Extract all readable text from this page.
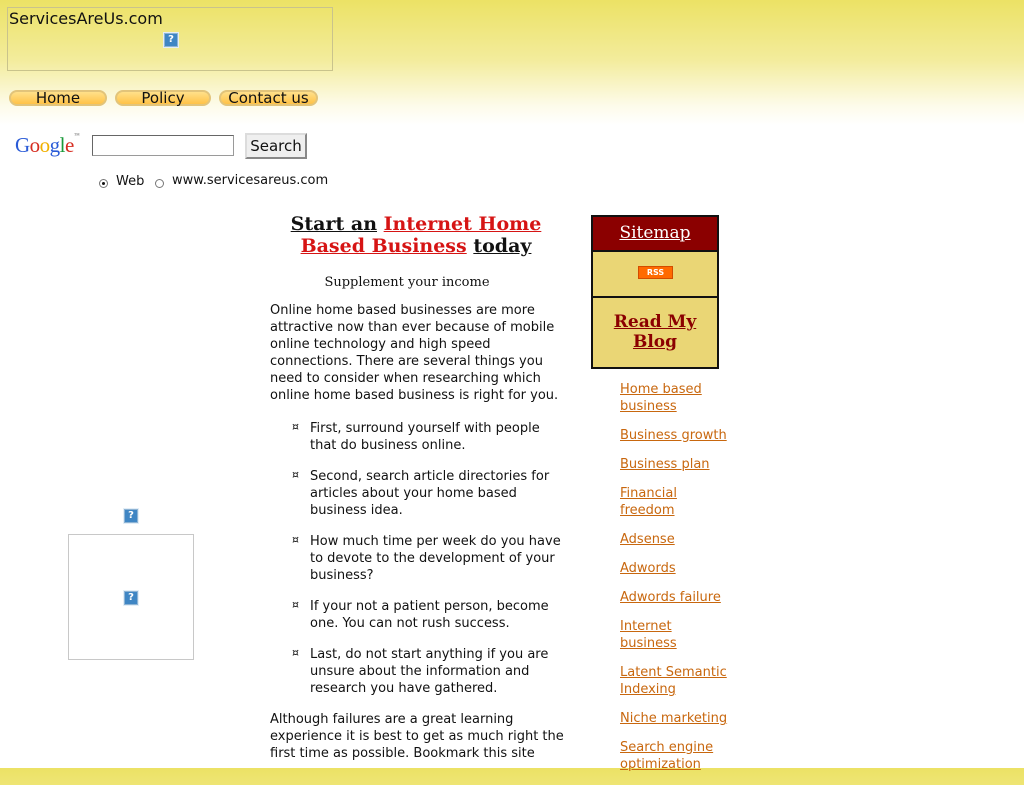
ServicesAreUs.com
?
Home	Policy	Contact us
Google™
Search
Web www.servicesareus.com
?

?
Start an Internet Home Based Business today
Supplement your income
Online home based businesses are more attractive now than ever because of mobile online technology and high speed connections. There are several things you need to consider when researching which online home based business is right for you.
¤ First, surround yourself with people that do business online.
¤ Second, search article directories for articles about your home based business idea.
¤ How much time per week do you have to devote to the development of your business?
¤ If your not a patient person, become one. You can not rush success.
¤ Last, do not start anything if you are unsure about the information and research you have gathered.
Although failures are a great learning experience it is best to get as much right the first time as possible. Bookmark this site
Sitemap
RSS
Read My Blog
Home based business
Business growth
Business plan
Financial freedom
Adsense
Adwords
Adwords failure
Internet business
Latent Semantic Indexing
Niche marketing
Search engine optimization
